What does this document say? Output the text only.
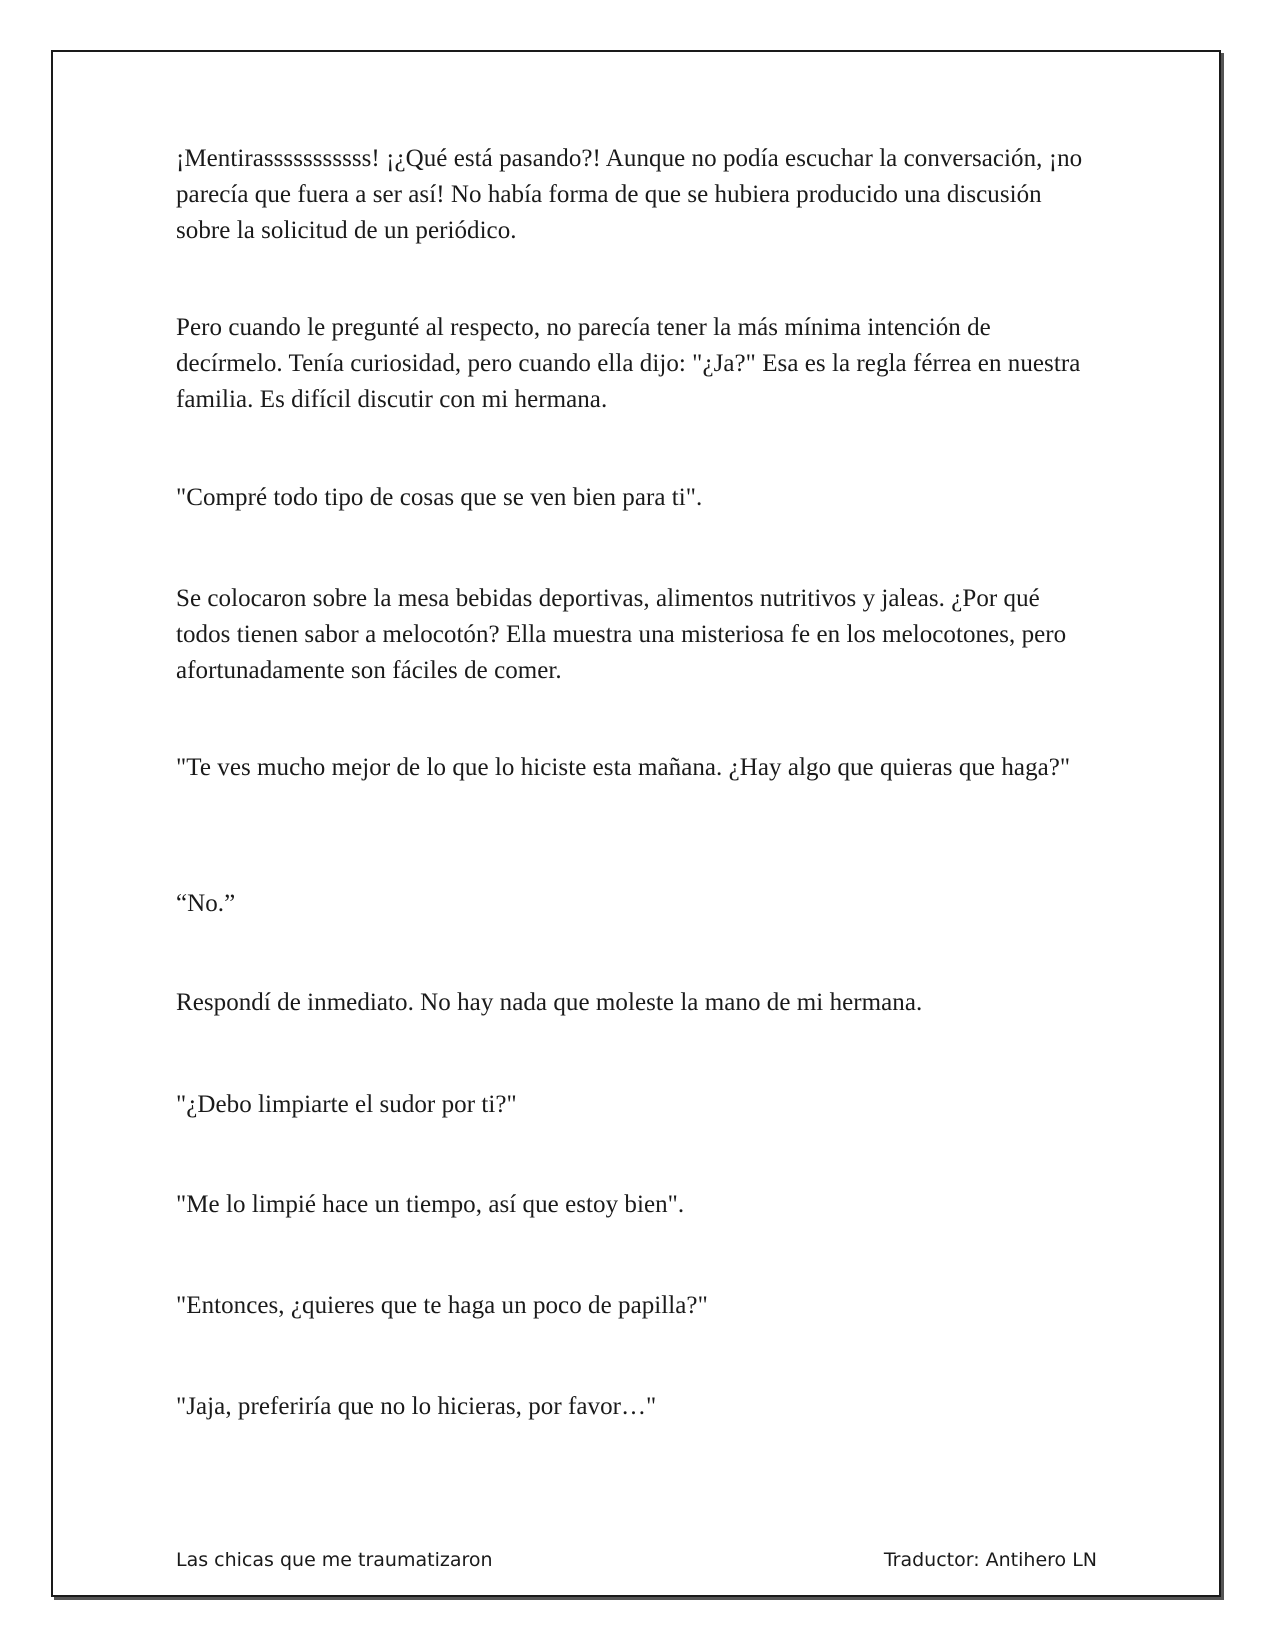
¡Mentirasssssssssss! ¡¿Qué está pasando?! Aunque no podía escuchar la conversación, ¡no parecía que fuera a ser así! No había forma de que se hubiera producido una discusión sobre la solicitud de un periódico.

Pero cuando le pregunté al respecto, no parecía tener la más mínima intención de decírmelo. Tenía curiosidad, pero cuando ella dijo: "¿Ja?" Esa es la regla férrea en nuestra familia. Es difícil discutir con mi hermana.

"Compré todo tipo de cosas que se ven bien para ti".

Se colocaron sobre la mesa bebidas deportivas, alimentos nutritivos y jaleas. ¿Por qué todos tienen sabor a melocotón? Ella muestra una misteriosa fe en los melocotones, pero afortunadamente son fáciles de comer.

"Te ves mucho mejor de lo que lo hiciste esta mañana. ¿Hay algo que quieras que haga?"

“No.”

Respondí de inmediato. No hay nada que moleste la mano de mi hermana.

"¿Debo limpiarte el sudor por ti?"

"Me lo limpié hace un tiempo, así que estoy bien".

"Entonces, ¿quieres que te haga un poco de papilla?"

"Jaja, preferiría que no lo hicieras, por favor…"

Las chicas que me traumatizaron	Traductor: Antihero LN
